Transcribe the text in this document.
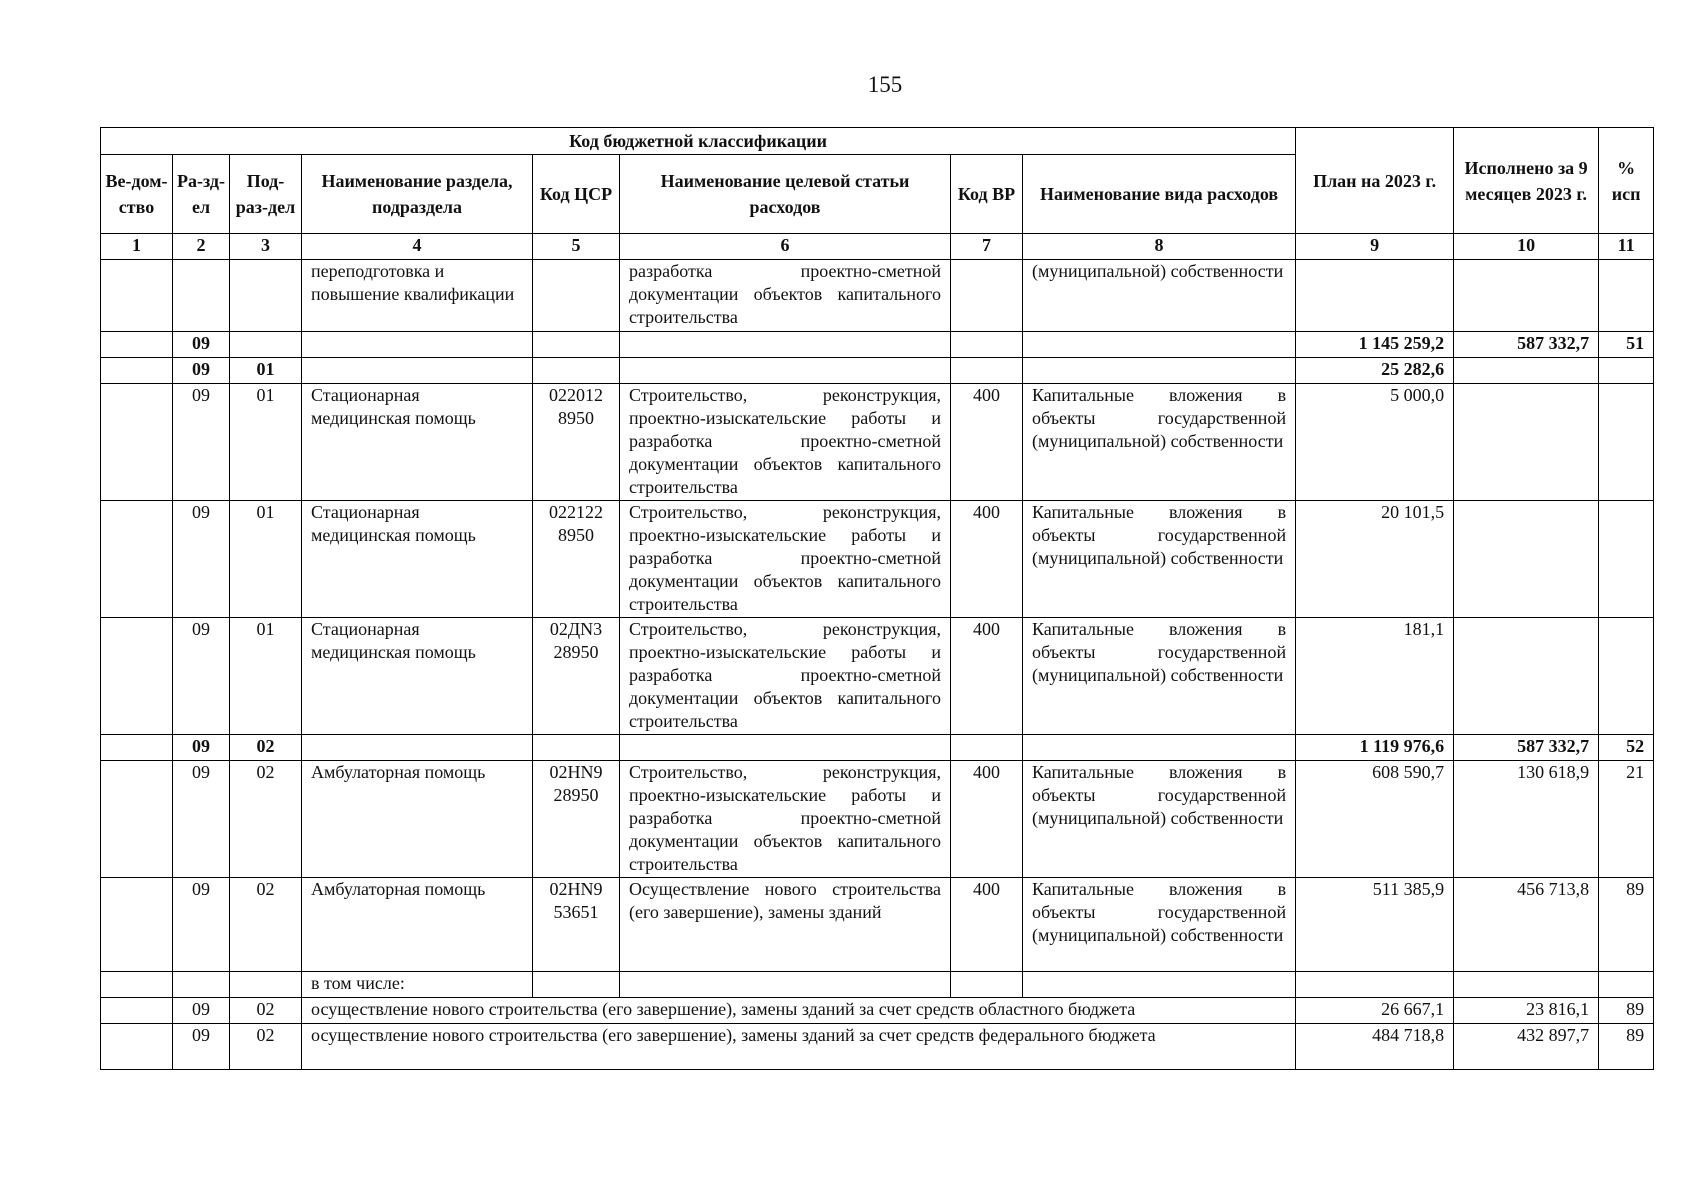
155
Код бюджетной классификации								План на 2023 г.	Исполнено за 9 месяцев 2023 г.	% исп
Ве-дом-ство	Ра-зд-ел	Под-раз-дел	Наименование раздела, подраздела	Код ЦСР	Наименование целевой статьи расходов	Код ВР	Наименование вида расходов			
1	2	3	4	5	6	7	8	9	10	11
			переподготовка и повышение квалификации		разработка проектно-сметной документации объектов капитального строительства		(муниципальной) собственности			
	09							1 145 259,2	587 332,7	51
	09	01						25 282,6		
	09	01	Стационарная медицинская помощь	022012 8950	Строительство, реконструкция, проектно-изыскательские работы и разработка проектно-сметной документации объектов капитального строительства	400	Капитальные вложения в объекты государственной (муниципальной) собственности	5 000,0		
	09	01	Стационарная медицинская помощь	022122 8950	Строительство, реконструкция, проектно-изыскательские работы и разработка проектно-сметной документации объектов капитального строительства	400	Капитальные вложения в объекты государственной (муниципальной) собственности	20 101,5		
	09	01	Стационарная медицинская помощь	02ДN3 28950	Строительство, реконструкция, проектно-изыскательские работы и разработка проектно-сметной документации объектов капитального строительства	400	Капитальные вложения в объекты государственной (муниципальной) собственности	181,1		
	09	02						1 119 976,6	587 332,7	52
	09	02	Амбулаторная помощь	02HN9 28950	Строительство, реконструкция, проектно-изыскательские работы и разработка проектно-сметной документации объектов капитального строительства	400	Капитальные вложения в объекты государственной (муниципальной) собственности	608 590,7	130 618,9	21
	09	02	Амбулаторная помощь	02HN9 53651	Осуществление нового строительства (его завершение), замены зданий	400	Капитальные вложения в объекты государственной (муниципальной) собственности	511 385,9	456 713,8	89
			в том числе:							
	09	02	осуществление нового строительства (его завершение), замены зданий за счет средств областного бюджета					26 667,1	23 816,1	89
	09	02	осуществление нового строительства (его завершение), замены зданий за счет средств федерального бюджета					484 718,8	432 897,7	89
